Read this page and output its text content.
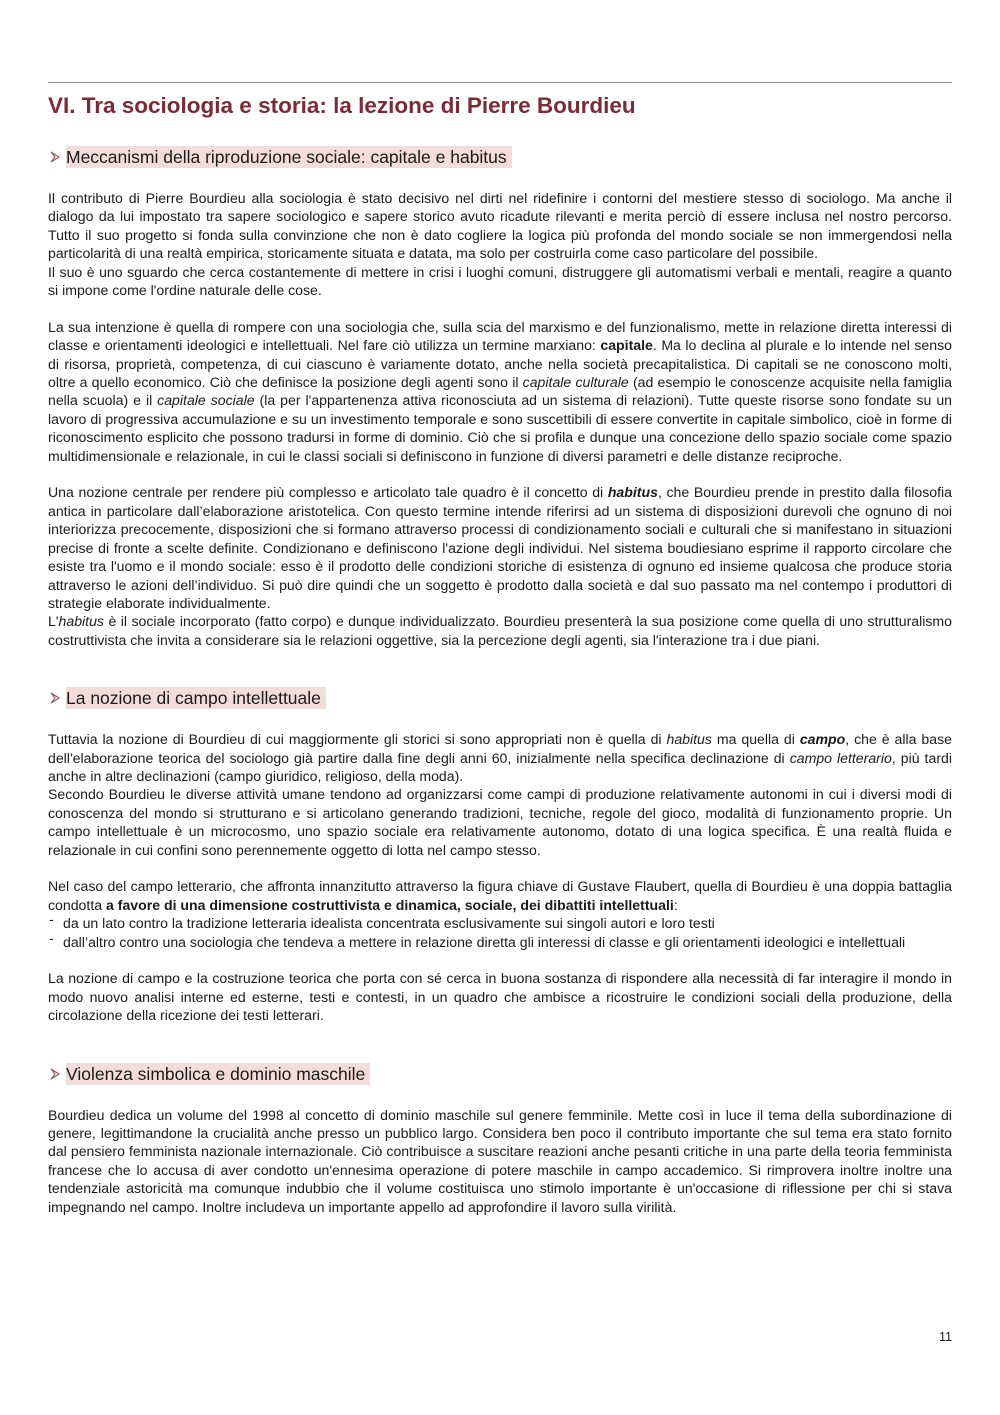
VI. Tra sociologia e storia: la lezione di Pierre Bourdieu
Meccanismi della riproduzione sociale: capitale e habitus

Il contributo di Pierre Bourdieu alla sociologia è stato decisivo nel dirti nel ridefinire i contorni del mestiere stesso di sociologo. Ma anche il dialogo da lui impostato tra sapere sociologico e sapere storico avuto ricadute rilevanti e merita perciò di essere inclusa nel nostro percorso. Tutto il suo progetto si fonda sulla convinzione che non è dato cogliere la logica più profonda del mondo sociale se non immergendosi nella particolarità di una realtà empirica, storicamente situata e datata, ma solo per costruirla come caso particolare del possibile.

Il suo è uno sguardo che cerca costantemente di mettere in crisi i luoghi comuni, distruggere gli automatismi verbali e mentali, reagire a quanto si impone come l'ordine naturale delle cose.

La sua intenzione è quella di rompere con una sociologia che, sulla scia del marxismo e del funzionalismo, mette in relazione diretta interessi di classe e orientamenti ideologici e intellettuali. Nel fare ciò utilizza un termine marxiano: capitale. Ma lo declina al plurale e lo intende nel senso di risorsa, proprietà, competenza, di cui ciascuno è variamente dotato, anche nella società precapitalistica. Di capitali se ne conoscono molti, oltre a quello economico. Ciò che definisce la posizione degli agenti sono il capitale culturale (ad esempio le conoscenze acquisite nella famiglia nella scuola) e il capitale sociale (la per l'appartenenza attiva riconosciuta ad un sistema di relazioni). Tutte queste risorse sono fondate su un lavoro di progressiva accumulazione e su un investimento temporale e sono suscettibili di essere convertite in capitale simbolico, cioè in forme di riconoscimento esplicito che possono tradursi in forme di dominio. Ciò che si profila e dunque una concezione dello spazio sociale come spazio multidimensionale e relazionale, in cui le classi sociali si definiscono in funzione di diversi parametri e delle distanze reciproche.

Una nozione centrale per rendere più complesso e articolato tale quadro è il concetto di habitus, che Bourdieu prende in prestito dalla filosofia antica in particolare dall’elaborazione aristotelica. Con questo termine intende riferirsi ad un sistema di disposizioni durevoli che ognuno di noi interiorizza precocemente, disposizioni che si formano attraverso processi di condizionamento sociali e culturali che si manifestano in situazioni precise di fronte a scelte definite. Condizionano e definiscono l'azione degli individui. Nel sistema boudiesiano esprime il rapporto circolare che esiste tra l'uomo e il mondo sociale: esso è il prodotto delle condizioni storiche di esistenza di ognuno ed insieme qualcosa che produce storia attraverso le azioni dell’individuo. Si può dire quindi che un soggetto è prodotto dalla società e dal suo passato ma nel contempo i produttori di strategie elaborate individualmente.

L'habitus è il sociale incorporato (fatto corpo) e dunque individualizzato. Bourdieu presenterà la sua posizione come quella di uno strutturalismo costruttivista che invita a considerare sia le relazioni oggettive, sia la percezione degli agenti, sia l'interazione tra i due piani.

La nozione di campo intellettuale

Tuttavia la nozione di Bourdieu di cui maggiormente gli storici si sono appropriati non è quella di habitus ma quella di campo, che è alla base dell'elaborazione teorica del sociologo già partire dalla fine degli anni 60, inizialmente nella specifica declinazione di campo letterario, più tardi anche in altre declinazioni (campo giuridico, religioso, della moda).

Secondo Bourdieu le diverse attività umane tendono ad organizzarsi come campi di produzione relativamente autonomi in cui i diversi modi di conoscenza del mondo si strutturano e si articolano generando tradizioni, tecniche, regole del gioco, modalità di funzionamento proprie. Un campo intellettuale è un microcosmo, uno spazio sociale era relativamente autonomo, dotato di una logica specifica. È una realtà fluida e relazionale in cui confini sono perennemente oggetto di lotta nel campo stesso.

Nel caso del campo letterario, che affronta innanzitutto attraverso la figura chiave di Gustave Flaubert, quella di Bourdieu è una doppia battaglia condotta a favore di una dimensione costruttivista e dinamica, sociale, dei dibattiti intellettuali:

- da un lato contro la tradizione letteraria idealista concentrata esclusivamente sui singoli autori e loro testi
- dall’altro contro una sociologia che tendeva a mettere in relazione diretta gli interessi di classe e gli orientamenti ideologici e intellettuali

La nozione di campo e la costruzione teorica che porta con sé cerca in buona sostanza di rispondere alla necessità di far interagire il mondo in modo nuovo analisi interne ed esterne, testi e contesti, in un quadro che ambisce a ricostruire le condizioni sociali della produzione, della circolazione della ricezione dei testi letterari.

Violenza simbolica e dominio maschile

Bourdieu dedica un volume del 1998 al concetto di dominio maschile sul genere femminile. Mette così in luce il tema della subordinazione di genere, legittimandone la crucialità anche presso un pubblico largo. Considera ben poco il contributo importante che sul tema era stato fornito dal pensiero femminista nazionale internazionale. Ciò contribuisce a suscitare reazioni anche pesanti critiche in una parte della teoria femminista francese che lo accusa di aver condotto un'ennesima operazione di potere maschile in campo accademico. Si rimprovera inoltre inoltre una tendenziale astoricità ma comunque indubbio che il volume costituisca uno stimolo importante è un'occasione di riflessione per chi si stava impegnando nel campo. Inoltre includeva un importante appello ad approfondire il lavoro sulla virilità.

11
